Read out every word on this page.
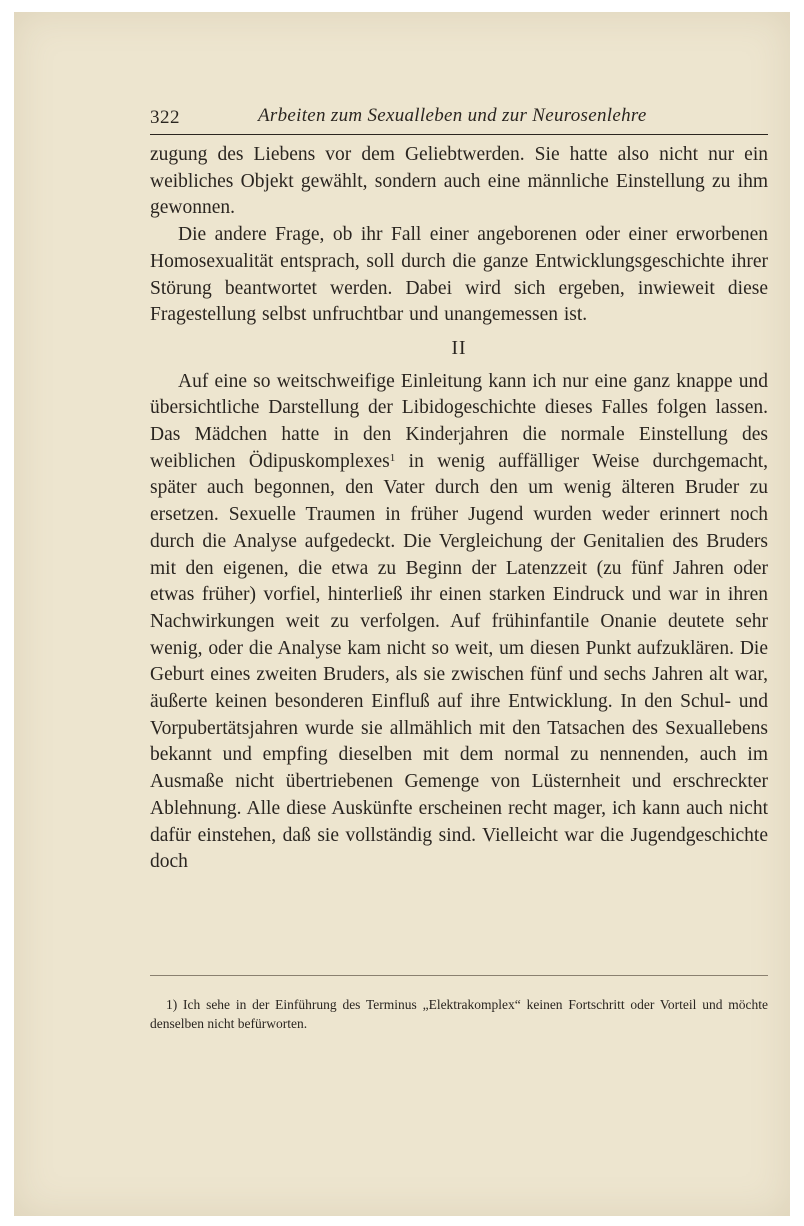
322	Arbeiten zum Sexualleben und zur Neurosenlehre

zugung des Liebens vor dem Geliebtwerden. Sie hatte also nicht nur ein weibliches Objekt gewählt, sondern auch eine männliche Einstellung zu ihm gewonnen.

Die andere Frage, ob ihr Fall einer angeborenen oder einer erworbenen Homosexualität entsprach, soll durch die ganze Entwicklungsgeschichte ihrer Störung beantwortet werden. Dabei wird sich ergeben, inwieweit diese Fragestellung selbst unfruchtbar und unangemessen ist.

II

Auf eine so weitschweifige Einleitung kann ich nur eine ganz knappe und übersichtliche Darstellung der Libidogeschichte dieses Falles folgen lassen. Das Mädchen hatte in den Kinderjahren die normale Einstellung des weiblichen Ödipuskomplexes$^1$ in wenig auffälliger Weise durchgemacht, später auch begonnen, den Vater durch den um wenig älteren Bruder zu ersetzen. Sexuelle Traumen in früher Jugend wurden weder erinnert noch durch die Analyse aufgedeckt. Die Vergleichung der Genitalien des Bruders mit den eigenen, die etwa zu Beginn der Latenzzeit (zu fünf Jahren oder etwas früher) vorfiel, hinterließ ihr einen starken Eindruck und war in ihren Nachwirkungen weit zu verfolgen. Auf frühinfantile Onanie deutete sehr wenig, oder die Analyse kam nicht so weit, um diesen Punkt aufzuklären. Die Geburt eines zweiten Bruders, als sie zwischen fünf und sechs Jahren alt war, äußerte keinen besonderen Einfluß auf ihre Entwicklung. In den Schul- und Vorpubertätsjahren wurde sie allmählich mit den Tatsachen des Sexuallebens bekannt und empfing dieselben mit dem normal zu nennenden, auch im Ausmaße nicht übertriebenen Gemenge von Lüsternheit und erschreckter Ablehnung. Alle diese Auskünfte erscheinen recht mager, ich kann auch nicht dafür einstehen, daß sie vollständig sind. Vielleicht war die Jugendgeschichte doch

1) Ich sehe in der Einführung des Terminus „Elektrakomplex“ keinen Fortschritt oder Vorteil und möchte denselben nicht befürworten.
